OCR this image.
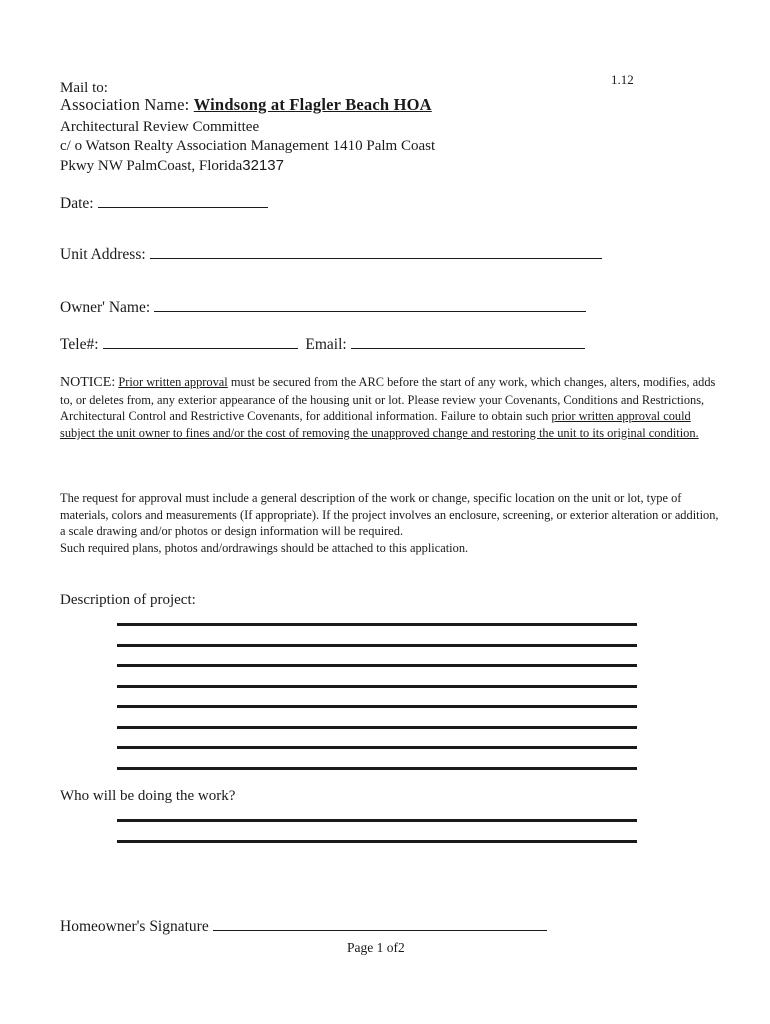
1.12
Mail to:
Association Name: Windsong at Flagler Beach HOA
Architectural Review Committee
c/ o Watson Realty Association Management 1410 Palm Coast
Pkwy NW PalmCoast, Florida32137
Date:
Unit Address:
Owner' Name:
Tele#:	Email:
NOTICE: Prior written approval must be secured from the ARC before the start of any work, which changes, alters, modifies, adds to, or deletes from, any exterior appearance of the housing unit or lot. Please review your Covenants, Conditions and Restrictions, Architectural Control and Restrictive Covenants, for additional information. Failure to obtain such prior written approval could subject the unit owner to fines and/or the cost of removing the unapproved change and restoring the unit to its original condition.
The request for approval must include a general description of the work or change, specific location on the unit or lot, type of materials, colors and measurements (If appropriate). If the project involves an enclosure, screening, or exterior alteration or addition, a scale drawing and/or photos or design information will be required.
Such required plans, photos and/ordrawings should be attached to this application.
Description of project:
Who will be doing the work?
Homeowner's Signature
Page 1 of2
